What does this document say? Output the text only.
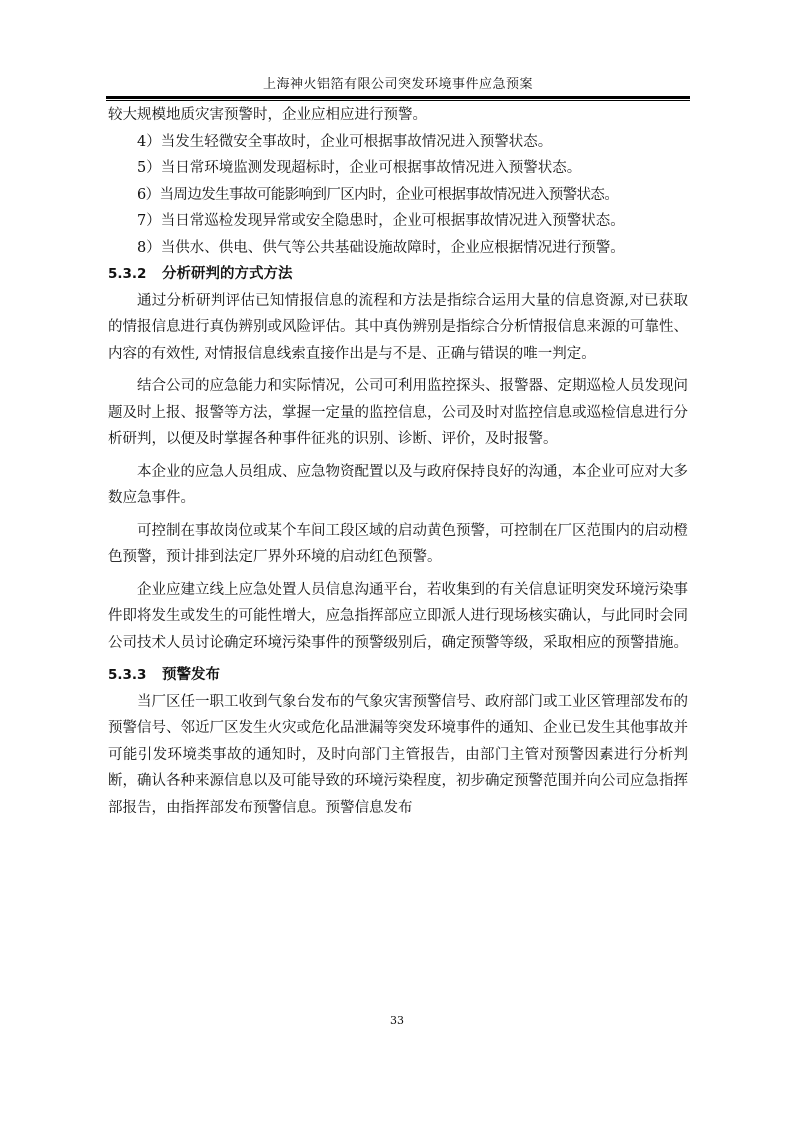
上海神火铝箔有限公司突发环境事件应急预案

较大规模地质灾害预警时，企业应相应进行预警。

4）当发生轻微安全事故时，企业可根据事故情况进入预警状态。

5）当日常环境监测发现超标时，企业可根据事故情况进入预警状态。

6）当周边发生事故可能影响到厂区内时，企业可根据事故情况进入预警状态。

7）当日常巡检发现异常或安全隐患时，企业可根据事故情况进入预警状态。

8）当供水、供电、供气等公共基础设施故障时，企业应根据情况进行预警。

5.3.2 分析研判的方式方法

通过分析研判评估已知情报信息的流程和方法是指综合运用大量的信息资源,对已获取的情报信息进行真伪辨别或风险评估。其中真伪辨别是指综合分析情报信息来源的可靠性、内容的有效性, 对情报信息线索直接作出是与不是、正确与错误的唯一判定。

结合公司的应急能力和实际情况，公司可利用监控探头、报警器、定期巡检人员发现问题及时上报、报警等方法，掌握一定量的监控信息，公司及时对监控信息或巡检信息进行分析研判，以便及时掌握各种事件征兆的识别、诊断、评价，及时报警。

本企业的应急人员组成、应急物资配置以及与政府保持良好的沟通，本企业可应对大多数应急事件。

可控制在事故岗位或某个车间工段区域的启动黄色预警，可控制在厂区范围内的启动橙色预警，预计排到法定厂界外环境的启动红色预警。

企业应建立线上应急处置人员信息沟通平台，若收集到的有关信息证明突发环境污染事件即将发生或发生的可能性增大，应急指挥部应立即派人进行现场核实确认，与此同时会同公司技术人员讨论确定环境污染事件的预警级别后，确定预警等级，采取相应的预警措施。

5.3.3 预警发布

当厂区任一职工收到气象台发布的气象灾害预警信号、政府部门或工业区管理部发布的预警信号、邻近厂区发生火灾或危化品泄漏等突发环境事件的通知、企业已发生其他事故并可能引发环境类事故的通知时，及时向部门主管报告，由部门主管对预警因素进行分析判断，确认各种来源信息以及可能导致的环境污染程度，初步确定预警范围并向公司应急指挥部报告，由指挥部发布预警信息。预警信息发布

33
